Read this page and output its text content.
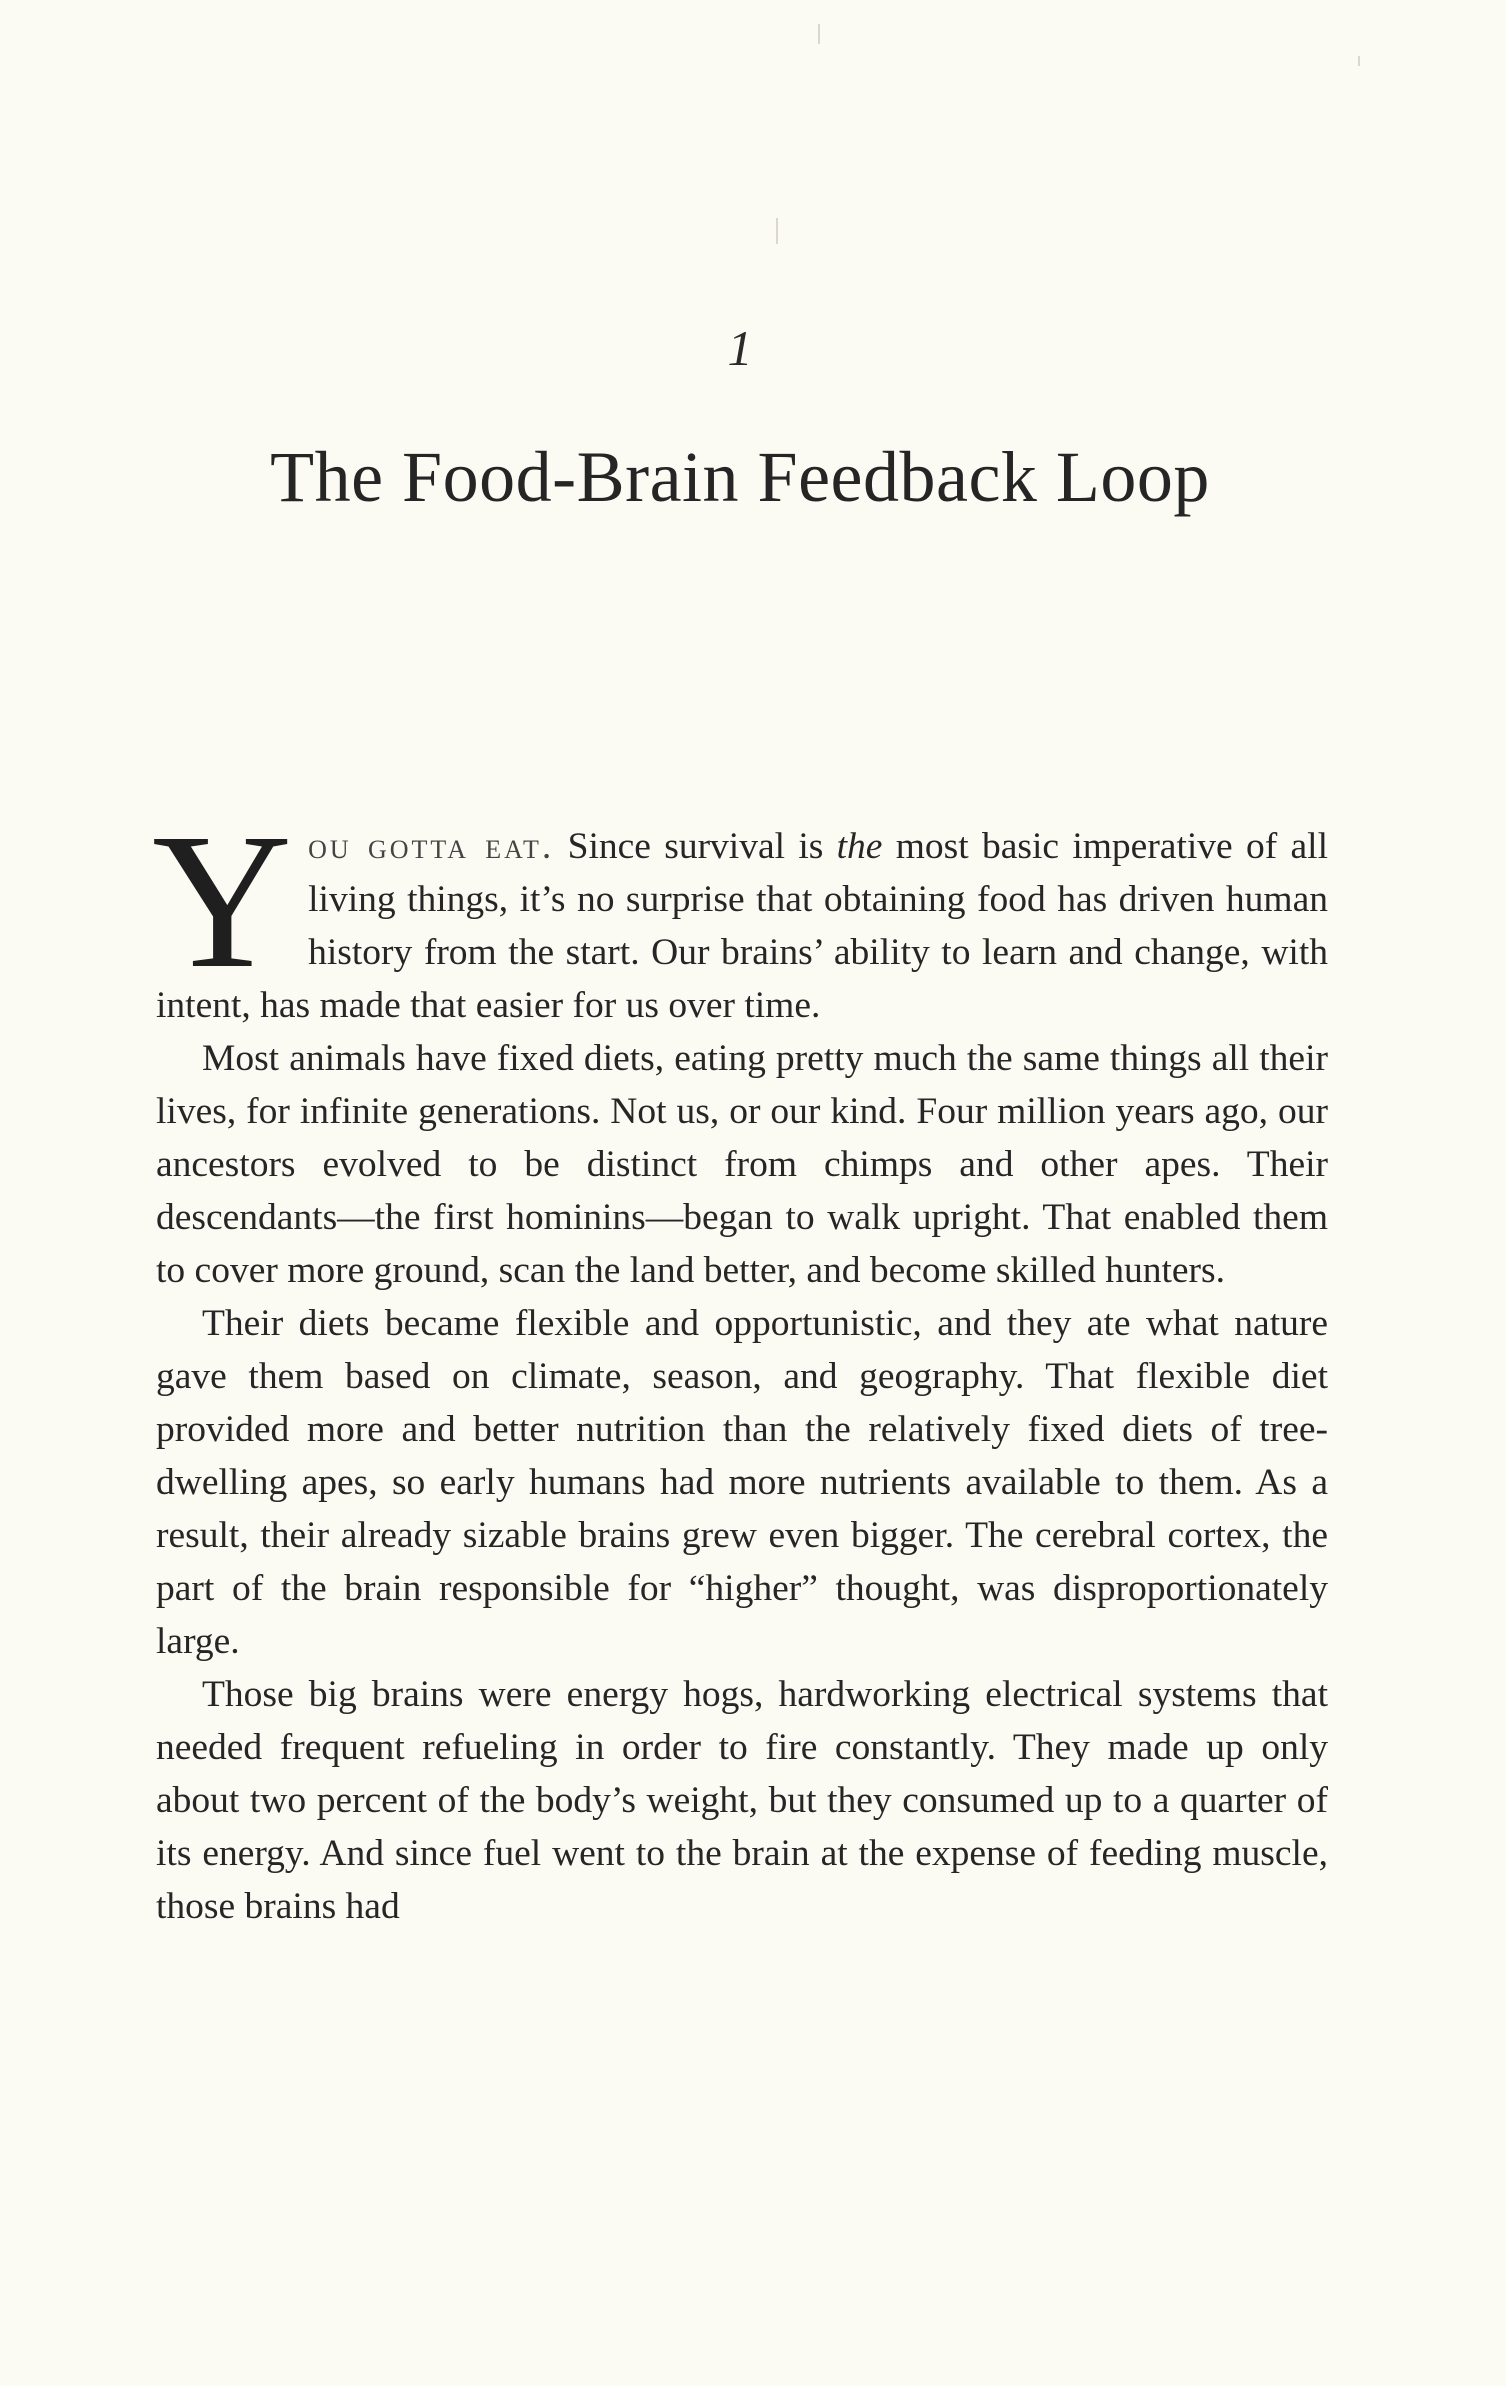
1
The Food-Brain Feedback Loop

You gotta eat. Since survival is the most basic imperative of all living things, it’s no surprise that obtaining food has driven human history from the start. Our brains’ ability to learn and change, with intent, has made that easier for us over time.

Most animals have fixed diets, eating pretty much the same things all their lives, for infinite generations. Not us, or our kind. Four million years ago, our ancestors evolved to be distinct from chimps and other apes. Their descendants—the first hominins—began to walk upright. That enabled them to cover more ground, scan the land better, and become skilled hunters.

Their diets became flexible and opportunistic, and they ate what nature gave them based on climate, season, and geography. That flexible diet provided more and better nutrition than the relatively fixed diets of tree-dwelling apes, so early humans had more nutrients available to them. As a result, their already sizable brains grew even bigger. The cerebral cortex, the part of the brain responsible for “higher” thought, was disproportionately large.

Those big brains were energy hogs, hardworking electrical systems that needed frequent refueling in order to fire constantly. They made up only about two percent of the body’s weight, but they consumed up to a quarter of its energy. And since fuel went to the brain at the expense of feeding muscle, those brains had
